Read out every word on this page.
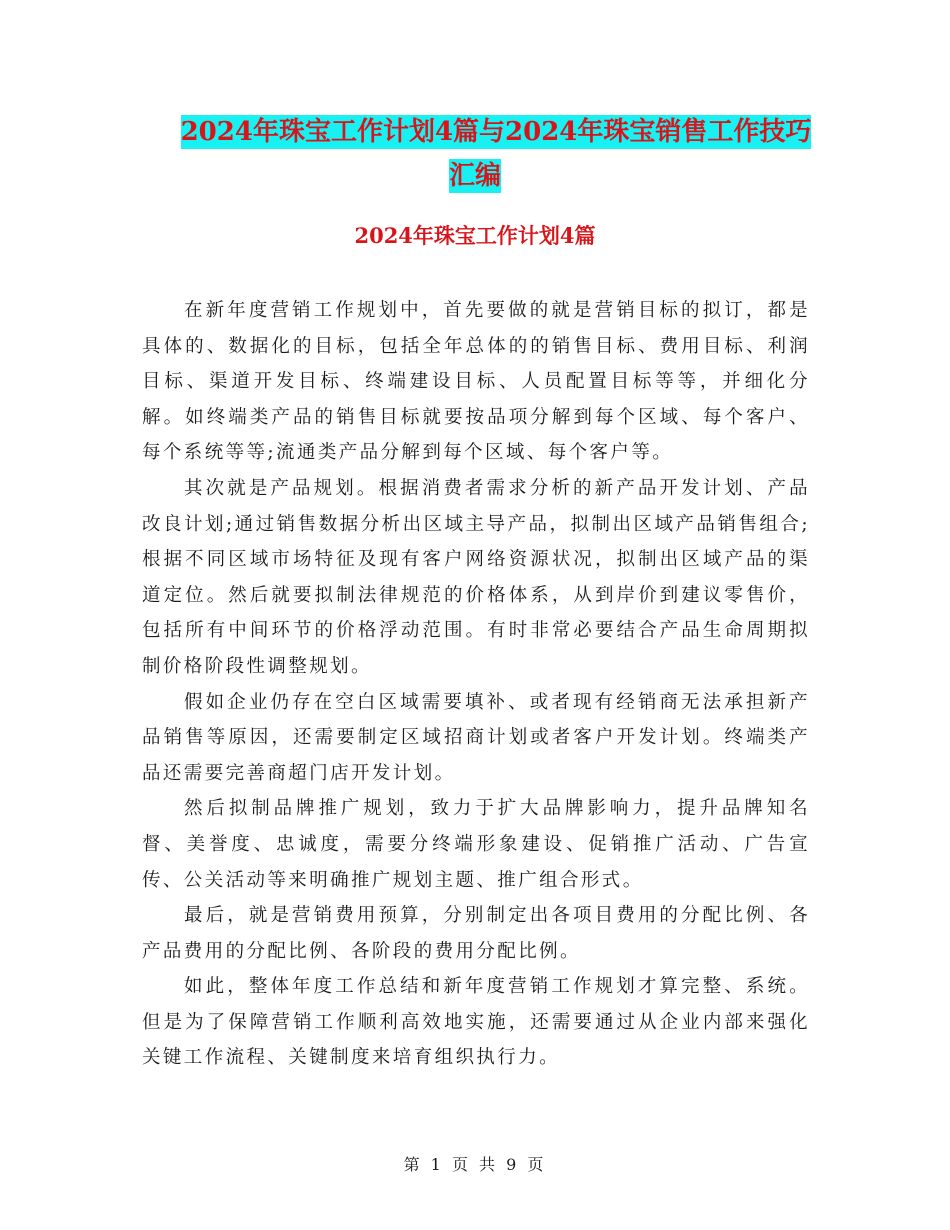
2024年珠宝工作计划4篇与2024年珠宝销售工作技巧
汇编
2024年珠宝工作计划4篇

在新年度营销工作规划中，首先要做的就是营销目标的拟订，都是具体的、数据化的目标，包括全年总体的的销售目标、费用目标、利润目标、渠道开发目标、终端建设目标、人员配置目标等等，并细化分解。如终端类产品的销售目标就要按品项分解到每个区域、每个客户、每个系统等等;流通类产品分解到每个区域、每个客户等。

其次就是产品规划。根据消费者需求分析的新产品开发计划、产品改良计划;通过销售数据分析出区域主导产品，拟制出区域产品销售组合;根据不同区域市场特征及现有客户网络资源状况，拟制出区域产品的渠道定位。然后就要拟制法律规范的价格体系，从到岸价到建议零售价，包括所有中间环节的价格浮动范围。有时非常必要结合产品生命周期拟制价格阶段性调整规划。

假如企业仍存在空白区域需要填补、或者现有经销商无法承担新产品销售等原因，还需要制定区域招商计划或者客户开发计划。终端类产品还需要完善商超门店开发计划。

然后拟制品牌推广规划，致力于扩大品牌影响力，提升品牌知名督、美誉度、忠诚度，需要分终端形象建设、促销推广活动、广告宣传、公关活动等来明确推广规划主题、推广组合形式。

最后，就是营销费用预算，分别制定出各项目费用的分配比例、各产品费用的分配比例、各阶段的费用分配比例。

如此，整体年度工作总结和新年度营销工作规划才算完整、系统。但是为了保障营销工作顺利高效地实施，还需要通过从企业内部来强化关键工作流程、关键制度来培育组织执行力。

第 1 页 共 9 页
